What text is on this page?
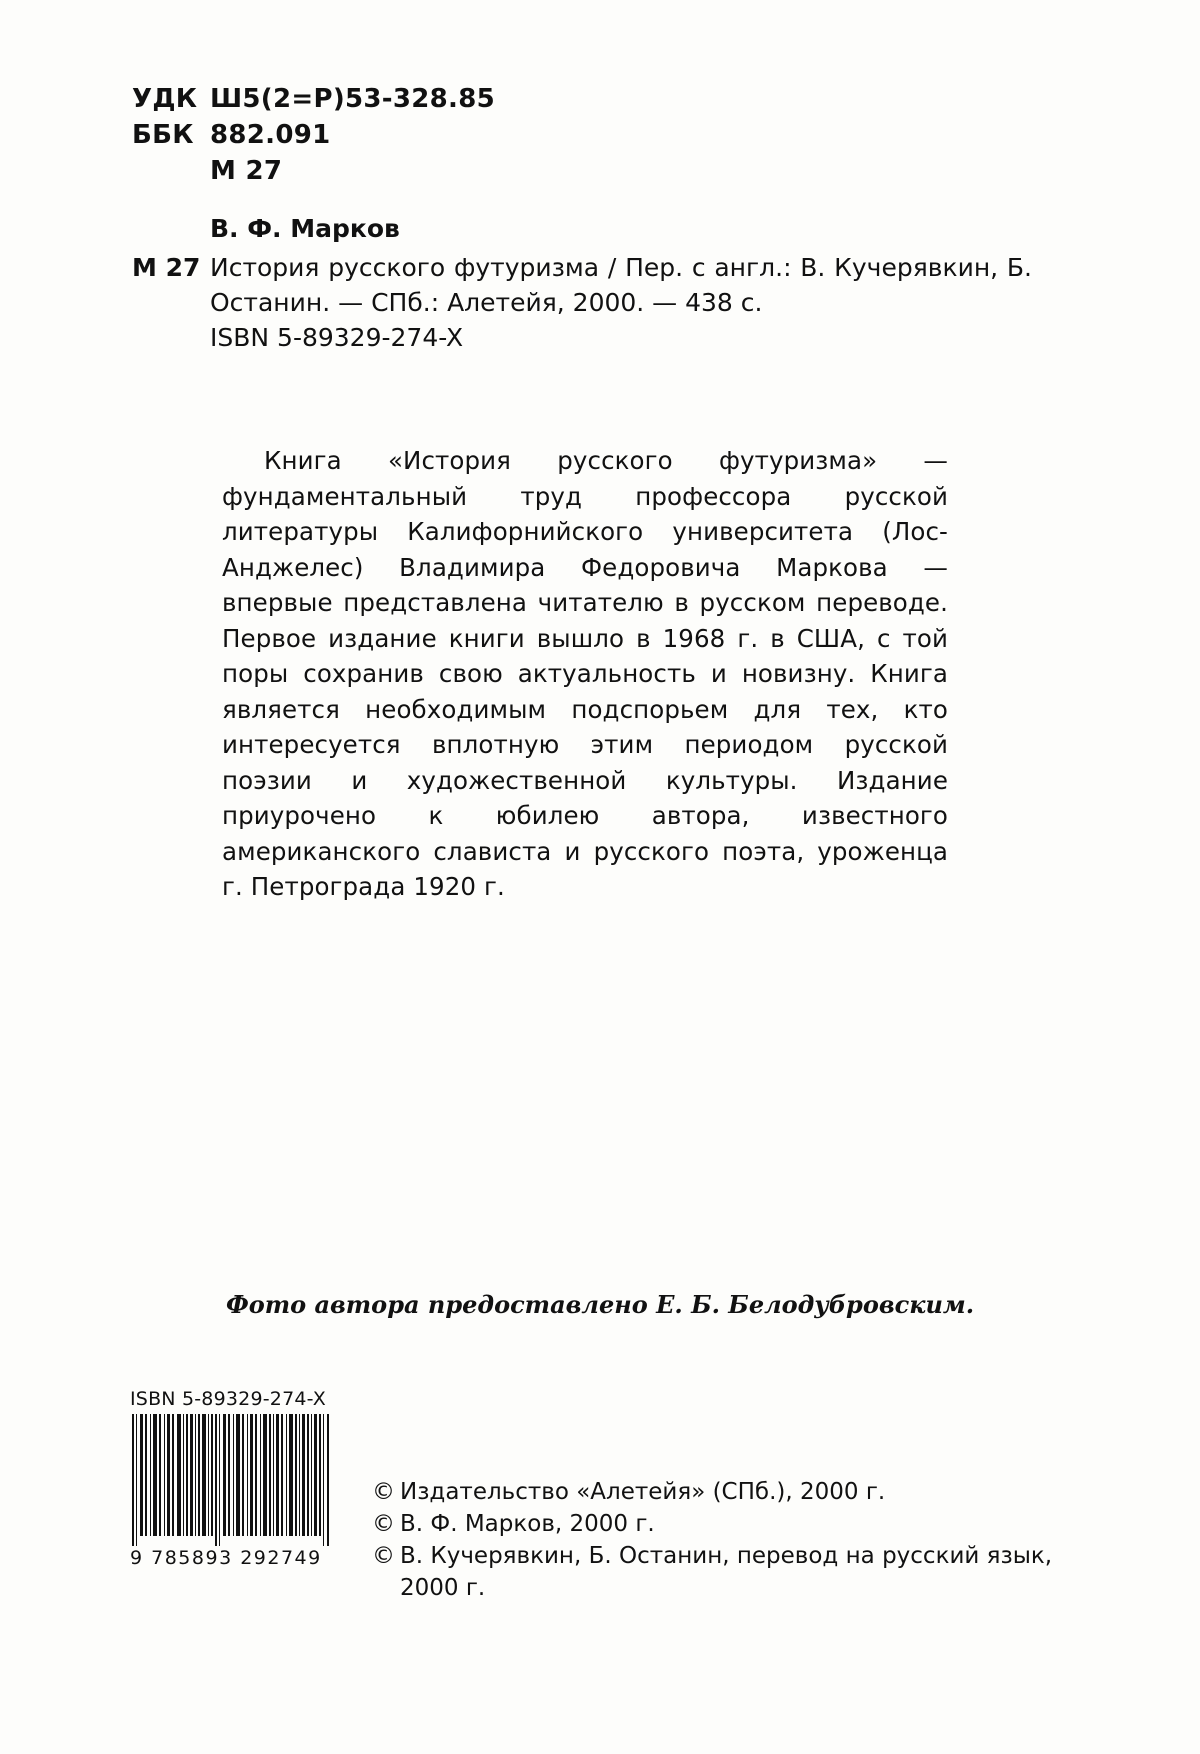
УДК Ш5(2=Р)53-328.85
ББК 882.091
М 27
В. Ф. Марков
М 27 История русского футуризма / Пер. с англ.: В. Кучерявкин, Б. Останин. — СПб.: Алетейя, 2000. — 438 с.
ISBN 5-89329-274-X
Книга «История русского футуризма» — фундаментальный труд профессора русской литературы Калифорнийского университета (Лос-Анджелес) Владимира Федоровича Маркова — впервые представлена читателю в русском переводе. Первое издание книги вышло в 1968 г. в США, с той поры сохранив свою актуальность и новизну. Книга является необходимым подспорьем для тех, кто интересуется вплотную этим периодом русской поэзии и художественной культуры. Издание приурочено к юбилею автора, известного американского слависта и русского поэта, уроженца г. Петрограда 1920 г.
Фото автора предоставлено Е. Б. Белодубровским.
ISBN 5-89329-274-X
9 785893 292749
© Издательство «Алетейя» (СПб.), 2000 г.
© В. Ф. Марков, 2000 г.
© В. Кучерявкин, Б. Останин, перевод на русский язык,
2000 г.
